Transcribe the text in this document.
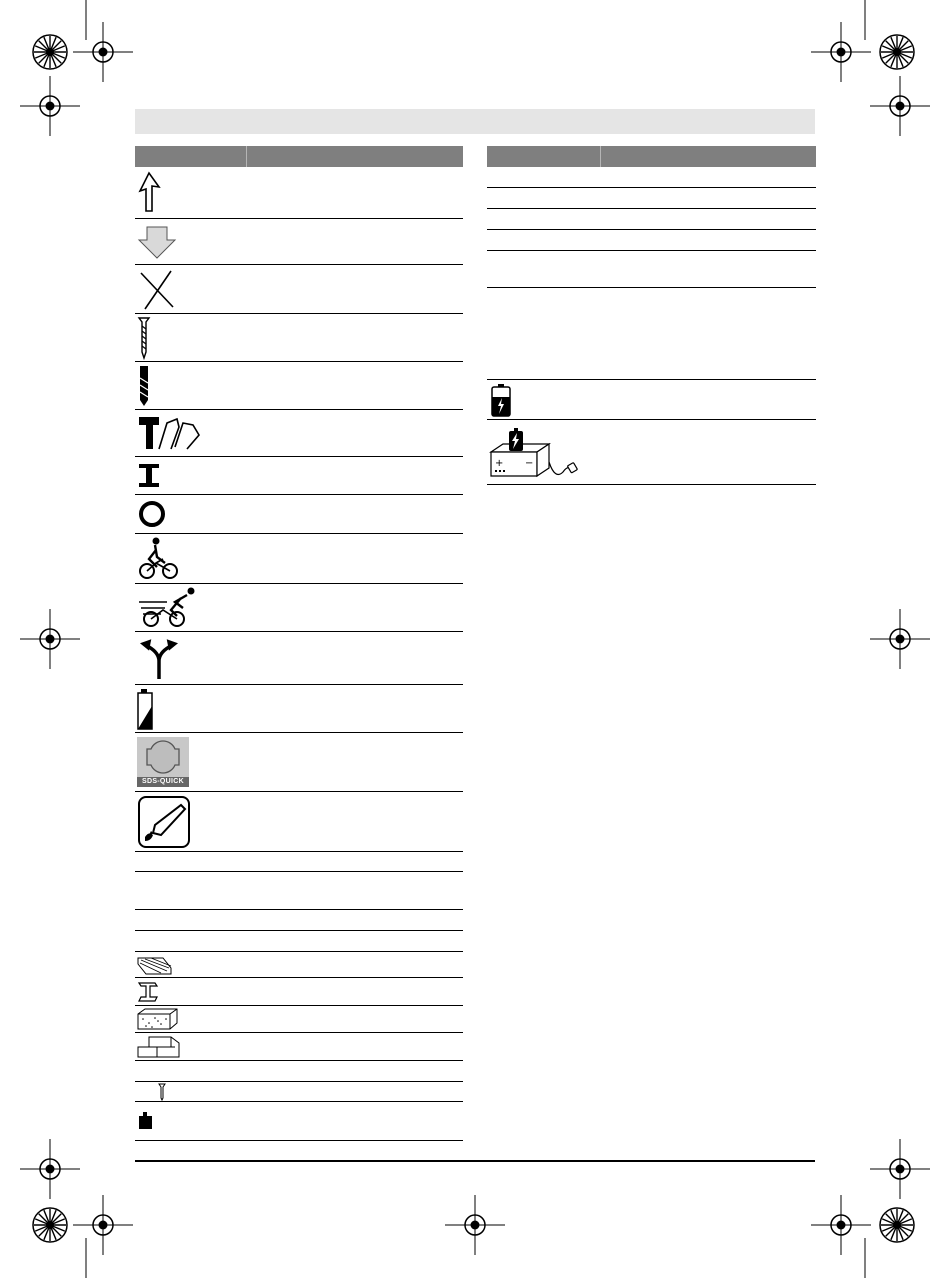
SDS-QUICK
+ −
